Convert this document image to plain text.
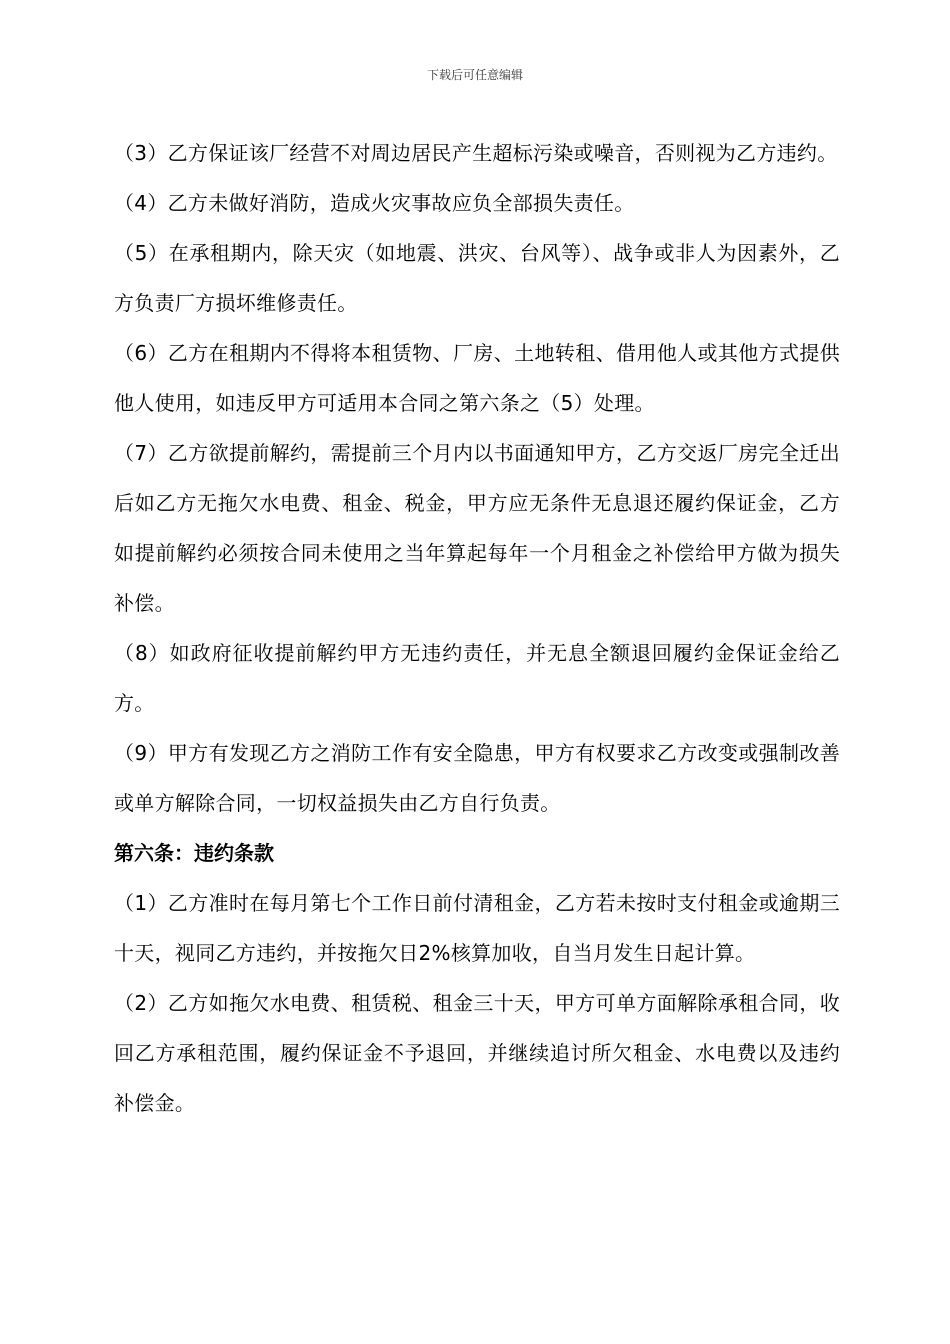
下载后可任意编辑

（3）乙方保证该厂经营不对周边居民产生超标污染或噪音，否则视为乙方违约。

（4）乙方未做好消防，造成火灾事故应负全部损失责任。

（5）在承租期内，除天灾（如地震、洪灾、台风等）、战争或非人为因素外，乙方负责厂方损坏维修责任。

（6）乙方在租期内不得将本租赁物、厂房、土地转租、借用他人或其他方式提供他人使用，如违反甲方可适用本合同之第六条之（5）处理。

（7）乙方欲提前解约，需提前三个月内以书面通知甲方，乙方交返厂房完全迁出后如乙方无拖欠水电费、租金、税金，甲方应无条件无息退还履约保证金，乙方如提前解约必须按合同未使用之当年算起每年一个月租金之补偿给甲方做为损失补偿。

（8）如政府征收提前解约甲方无违约责任，并无息全额退回履约金保证金给乙方。

（9）甲方有发现乙方之消防工作有安全隐患，甲方有权要求乙方改变或强制改善或单方解除合同，一切权益损失由乙方自行负责。

第六条：违约条款

（1）乙方准时在每月第七个工作日前付清租金，乙方若未按时支付租金或逾期三十天，视同乙方违约，并按拖欠日2%核算加收，自当月发生日起计算。

（2）乙方如拖欠水电费、租赁税、租金三十天，甲方可单方面解除承租合同，收回乙方承租范围，履约保证金不予退回，并继续追讨所欠租金、水电费以及违约补偿金。
